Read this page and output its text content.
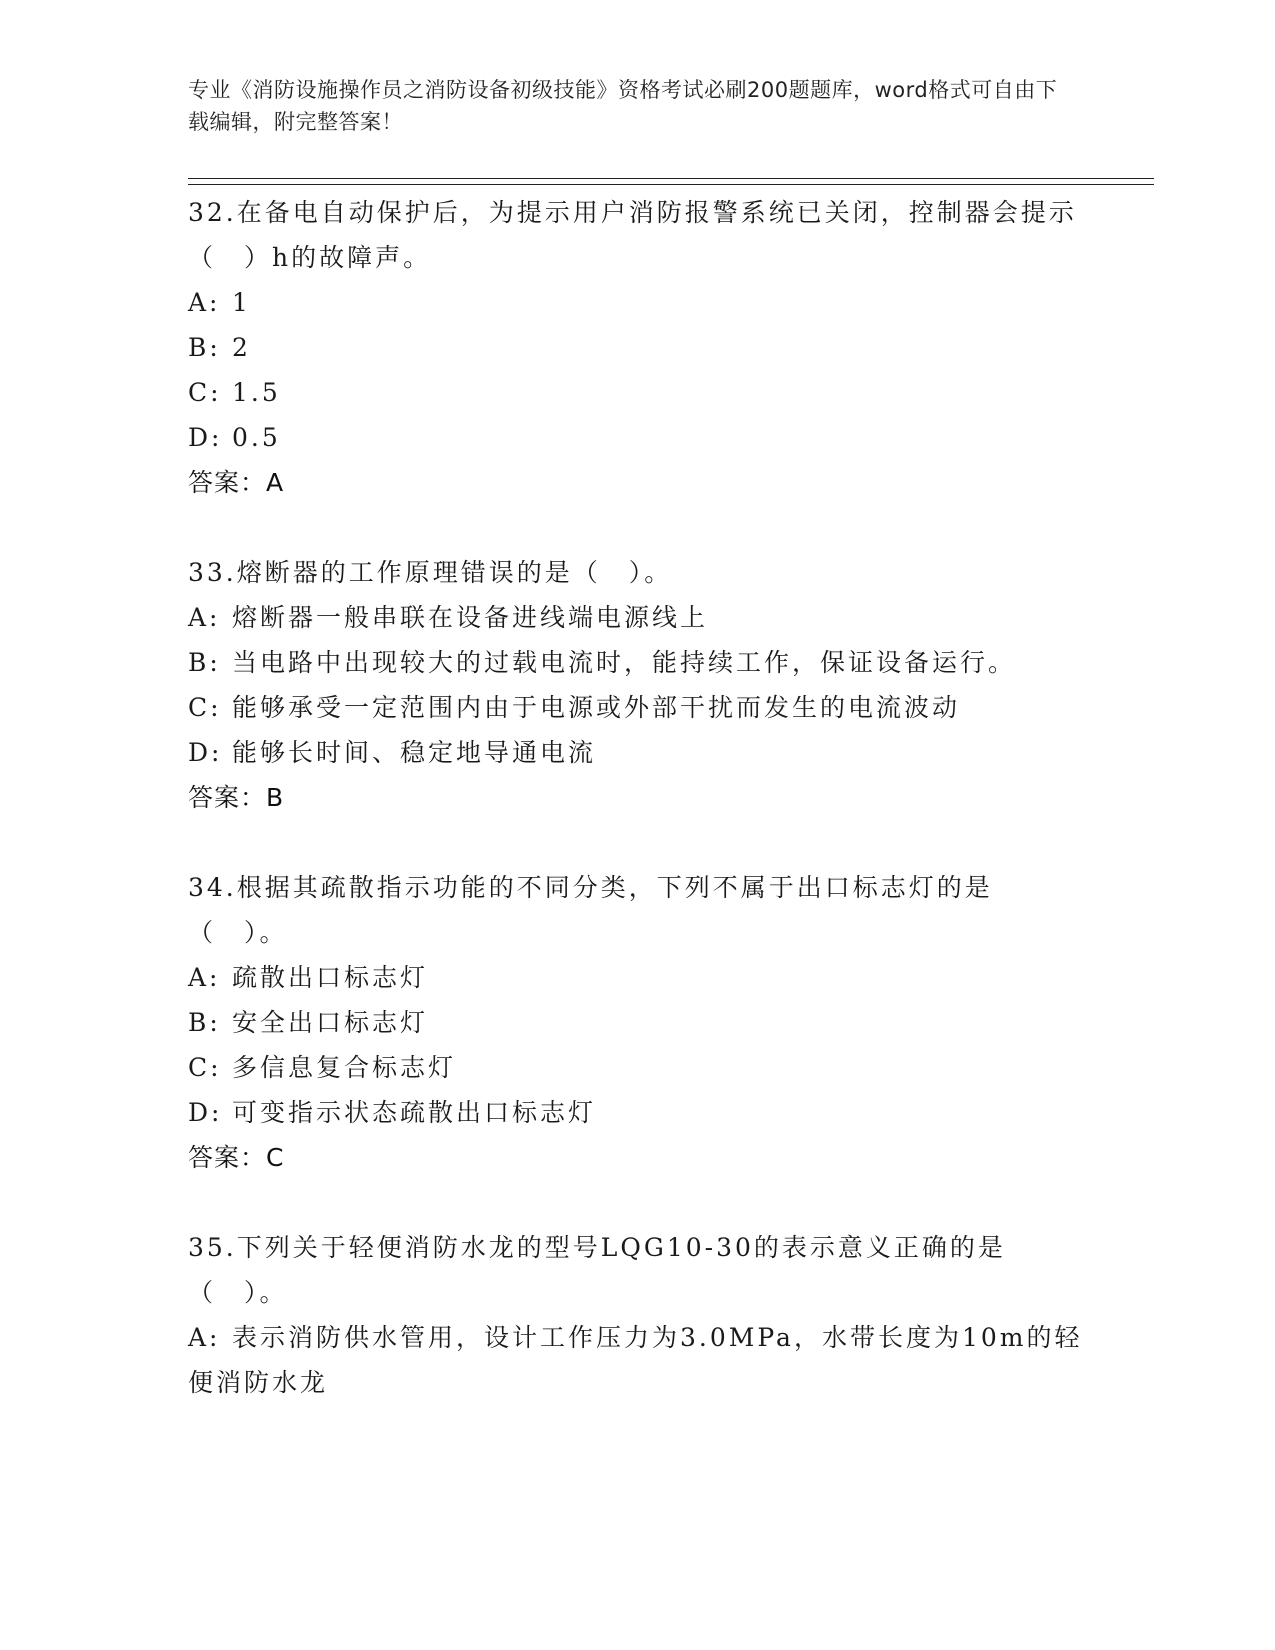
专业《消防设施操作员之消防设备初级技能》资格考试必刷200题题库，word格式可自由下载编辑，附完整答案！

32.在备电自动保护后，为提示用户消防报警系统已关闭，控制器会提示（　）h的故障声。

A: 1

B: 2

C: 1.5

D: 0.5

答案：A

33.熔断器的工作原理错误的是（　）。

A: 熔断器一般串联在设备进线端电源线上

B: 当电路中出现较大的过载电流时，能持续工作，保证设备运行。

C: 能够承受一定范围内由于电源或外部干扰而发生的电流波动

D: 能够长时间、稳定地导通电流

答案：B

34.根据其疏散指示功能的不同分类，下列不属于出口标志灯的是（　）。

A: 疏散出口标志灯

B: 安全出口标志灯

C: 多信息复合标志灯

D: 可变指示状态疏散出口标志灯

答案：C

35.下列关于轻便消防水龙的型号LQG10-30的表示意义正确的是（　）。

A: 表示消防供水管用，设计工作压力为3.0MPa，水带长度为10m的轻便消防水龙
